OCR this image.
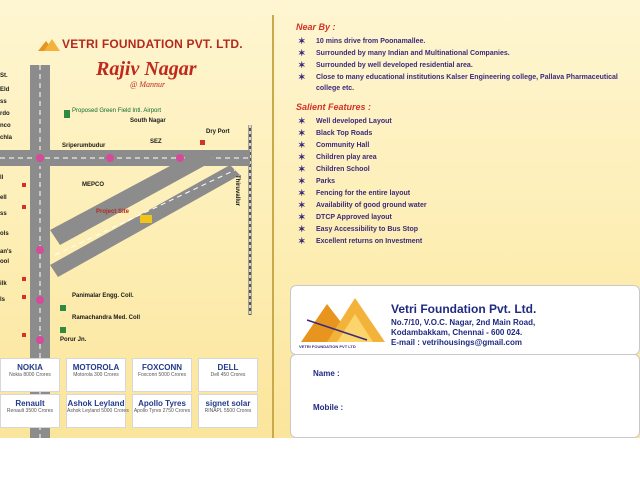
VETRI FOUNDATION PVT. LTD.
Rajiv Nagar
@ Mannur
Proposed Green Field Intl. Airport
South Nagar
Sriperumbudur
Dry Port
SEZ
MEPCO
Project Site
Thiruvallur
Panimalar Engg. Coll.
Ramachandra Med. Coll
Porur Jn.
St.
Eld
ss
rdo
nco
chla
ll
ell
ss
ols
an's
ool
ilk
ls
NOKIA
Nokia 8000 Crores
MOTOROLA
Motorola 300 Crores
FOXCONN
Foxconn 5000 Crores
DELL
Dell 450 Crores
Renault
Renault 3500 Crores
Ashok Leyland
Ashok Leyland 5000 Crores
Apollo Tyres
Apollo Tyres 2750 Crores
signet solar
RINAPL 5500 Crores
Near By :
✶ 10 mins drive from Poonamallee.
✶ Surrounded by many Indian and Multinational Companies.
✶ Surrounded by well developed residential area.
✶ Close to many educational institutions Kalser Engineering college, Pallava Pharmaceutical college etc.
Salient Features :
✶ Well developed Layout
✶ Black Top Roads
✶ Community Hall
✶ Children play area
✶ Children School
✶ Parks
✶ Fencing for the entire layout
✶ Availability of good ground water
✶ DTCP Approved layout
✶ Easy Accessibility to Bus Stop
✶ Excellent returns on Investment
VETRI FOUNDATION PVT LTD
Vetri Foundation Pvt. Ltd.
No.7/10, V.O.C. Nagar, 2nd Main Road,
Kodambakkam, Chennai - 600 024.
E-mail : vetrihousings@gmail.com
Name :
Mobile :
